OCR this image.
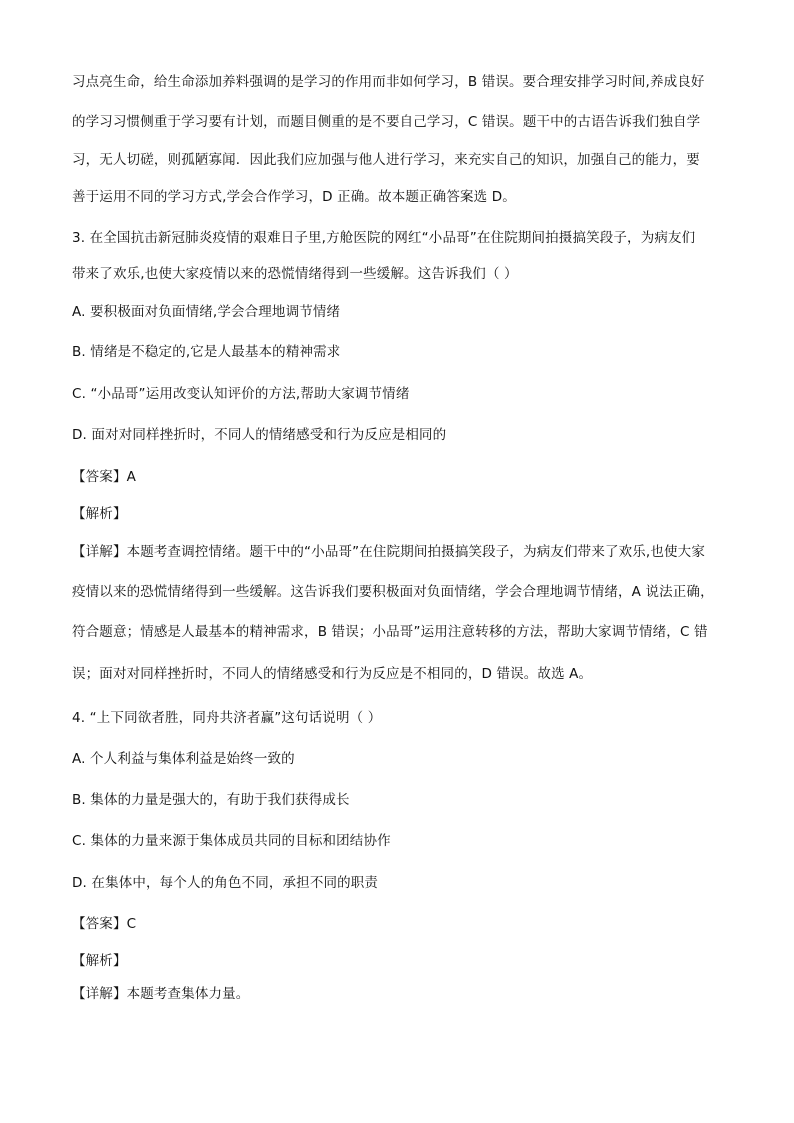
习点亮生命，给生命添加养料强调的是学习的作用而非如何学习，B 错误。要合理安排学习时间,养成良好
的学习习惯侧重于学习要有计划，而题目侧重的是不要自己学习，C 错误。题干中的古语告诉我们独自学
习，无人切磋，则孤陋寡闻．因此我们应加强与他人进行学习，来充实自己的知识，加强自己的能力，要
善于运用不同的学习方式,学会合作学习，D 正确。故本题正确答案选 D。
3. 在全国抗击新冠肺炎疫情的艰难日子里,方舱医院的网红“小品哥”在住院期间拍摄搞笑段子，为病友们
带来了欢乐,也使大家疫情以来的恐慌情绪得到一些缓解。这告诉我们（ ）
A. 要积极面对负面情绪,学会合理地调节情绪
B. 情绪是不稳定的,它是人最基本的精神需求
C. “小品哥”运用改变认知评价的方法,帮助大家调节情绪
D. 面对对同样挫折时，不同人的情绪感受和行为反应是相同的
【答案】A
【解析】
【详解】本题考查调控情绪。题干中的“小品哥”在住院期间拍摄搞笑段子，为病友们带来了欢乐,也使大家
疫情以来的恐慌情绪得到一些缓解。这告诉我们要积极面对负面情绪，学会合理地调节情绪，A 说法正确，
符合题意；情感是人最基本的精神需求，B 错误；小品哥”运用注意转移的方法，帮助大家调节情绪，C 错
误；面对对同样挫折时，不同人的情绪感受和行为反应是不相同的，D 错误。故选 A。
4. “上下同欲者胜，同舟共济者赢”这句话说明（ ）
A. 个人利益与集体利益是始终一致的
B. 集体的力量是强大的，有助于我们获得成长
C. 集体的力量来源于集体成员共同的目标和团结协作
D. 在集体中，每个人的角色不同，承担不同的职责
【答案】C
【解析】
【详解】本题考查集体力量。
